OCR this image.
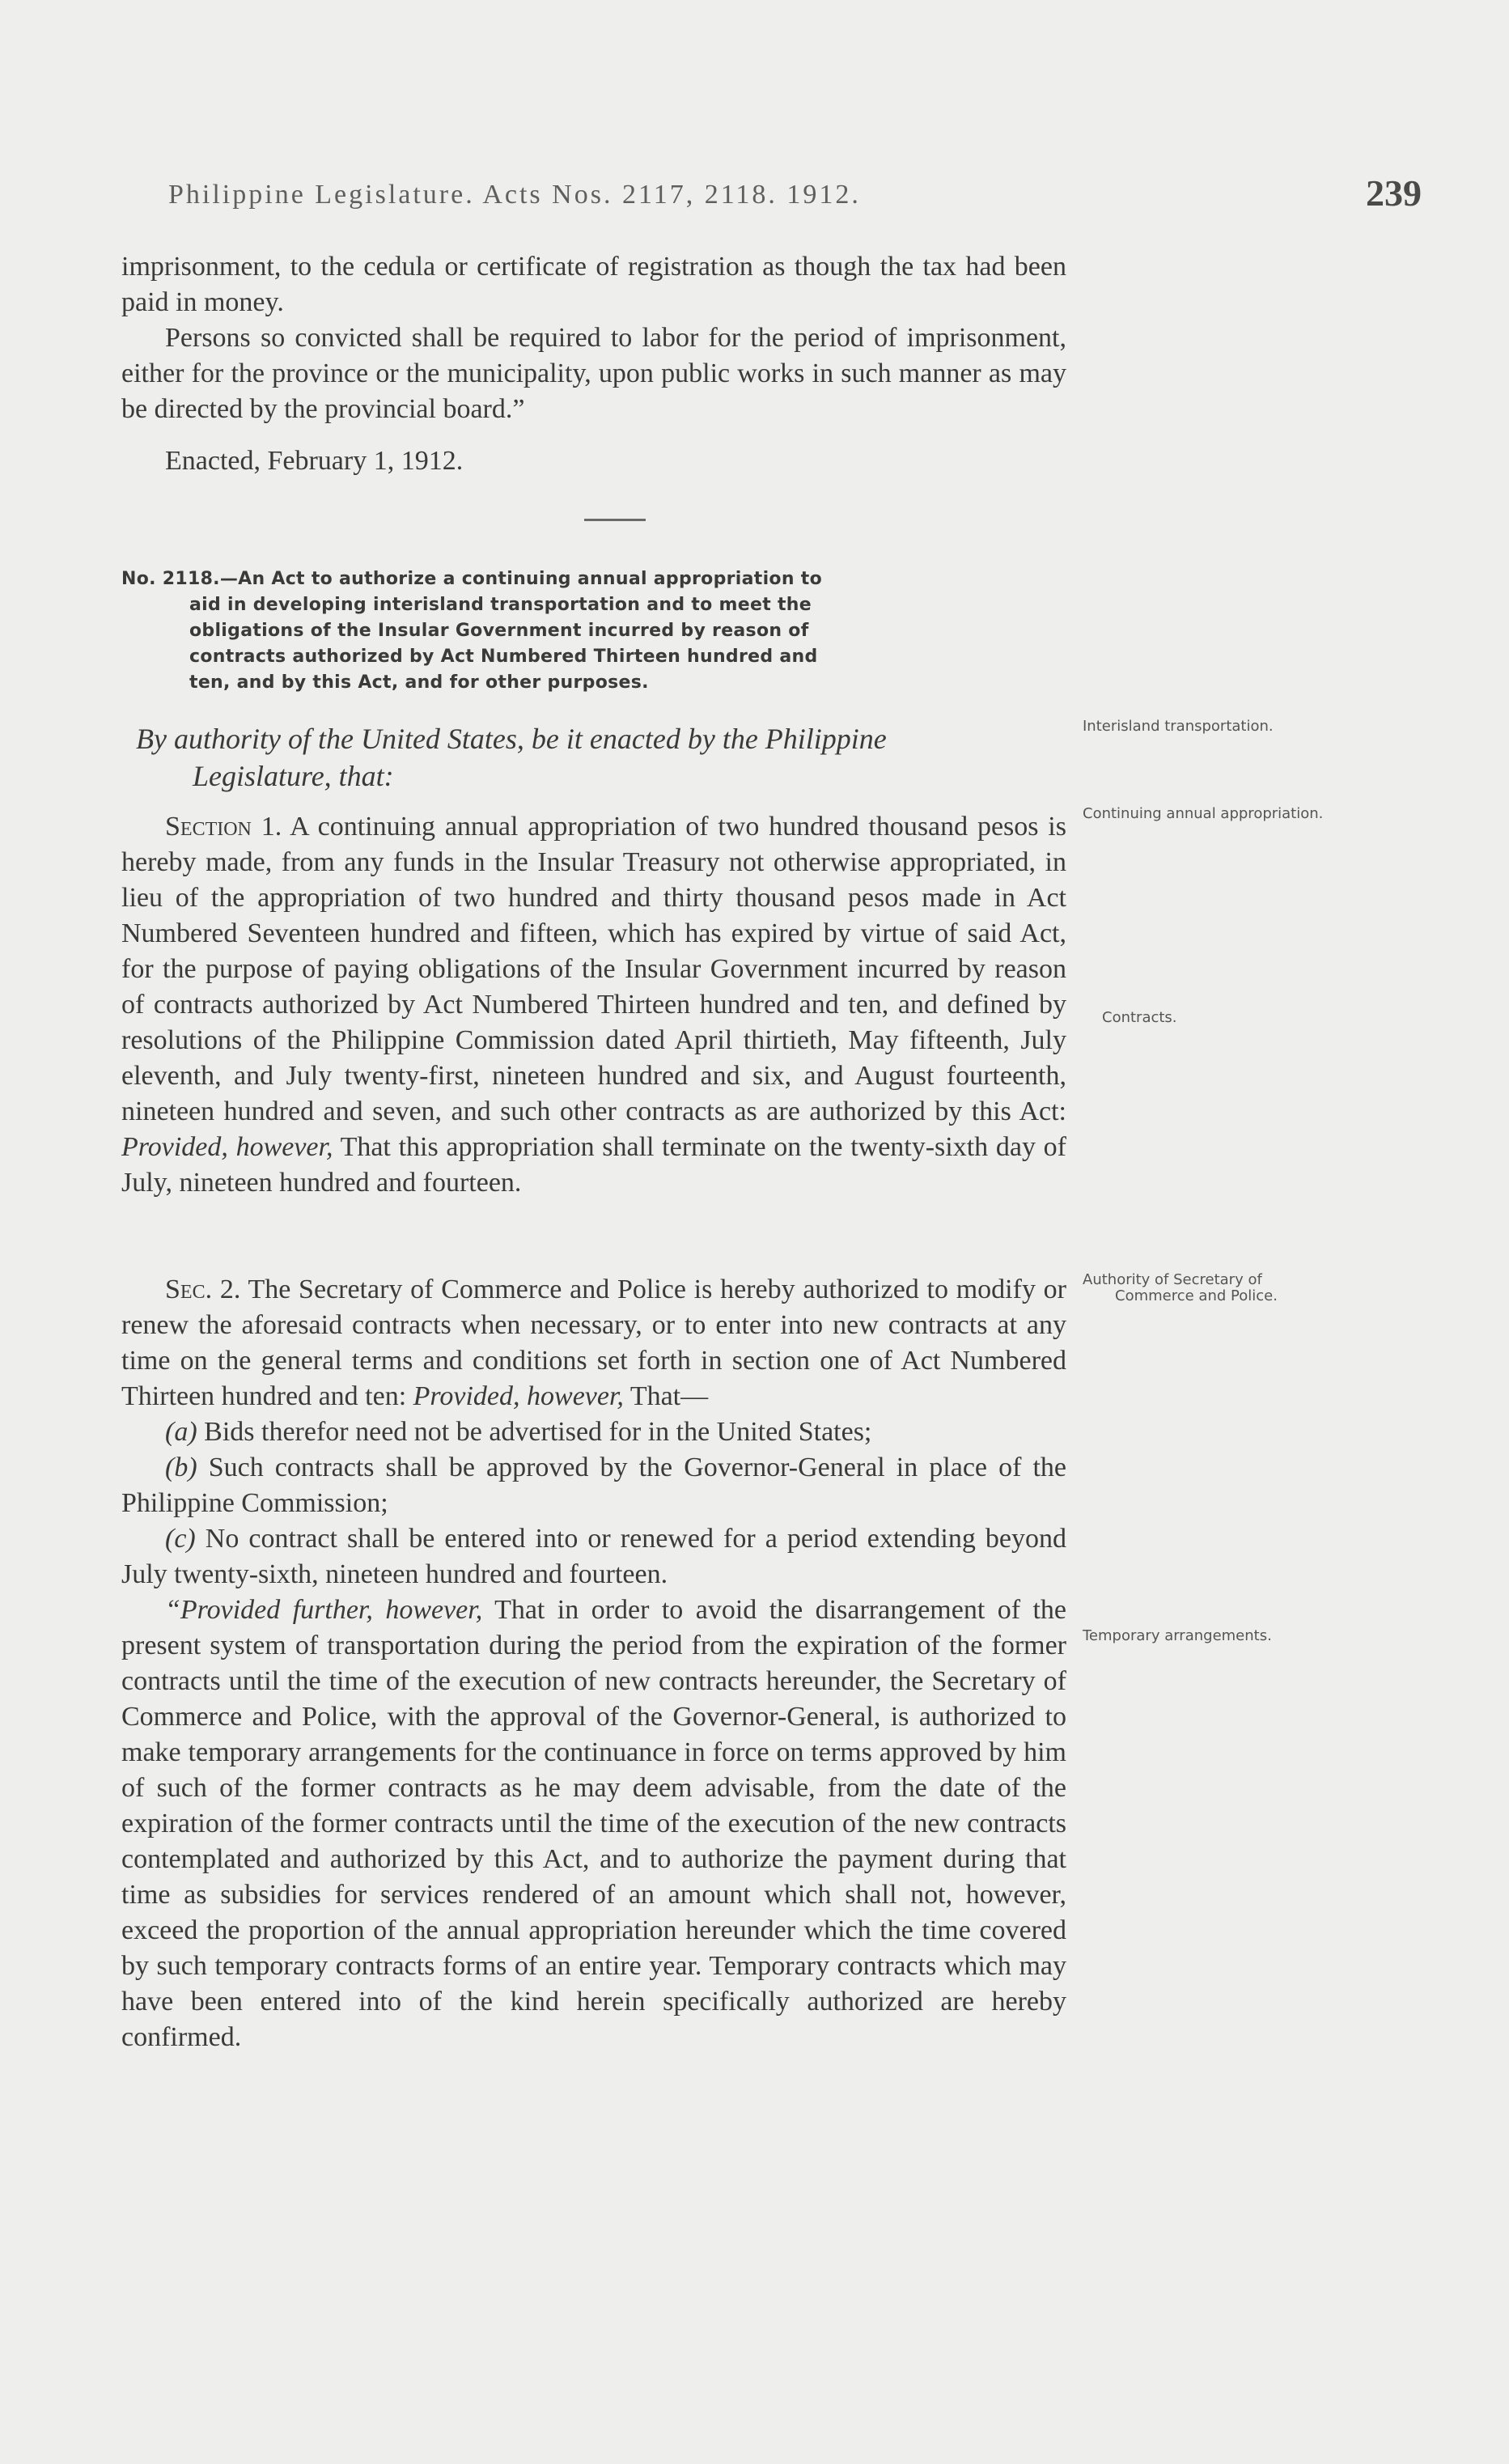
Philippine Legislature. Acts Nos. 2117, 2118. 1912.	239

imprisonment, to the cedula or certificate of registration as though the tax had been paid in money.

Persons so convicted shall be required to labor for the period of imprisonment, either for the province or the municipality, upon public works in such manner as may be directed by the provincial board.”

Enacted, February 1, 1912.

No. 2118.—An Act to authorize a continuing annual appropriation to
aid in developing interisland transportation and to meet the
obligations of the Insular Government incurred by reason of
contracts authorized by Act Numbered Thirteen hundred and
ten, and by this Act, and for other purposes.
By authority of the United States, be it enacted by the Philippine
Legislature, that:

Section 1. A continuing annual appropriation of two hundred thousand pesos is hereby made, from any funds in the Insular Treasury not otherwise appropriated, in lieu of the appropriation of two hundred and thirty thousand pesos made in Act Numbered Seventeen hundred and fifteen, which has expired by virtue of said Act, for the purpose of paying obligations of the Insular Government incurred by reason of contracts authorized by Act Numbered Thirteen hundred and ten, and defined by resolutions of the Philippine Commission dated April thirtieth, May fifteenth, July eleventh, and July twenty-first, nineteen hundred and six, and August fourteenth, nineteen hundred and seven, and such other contracts as are authorized by this Act: Provided, however, That this appropriation shall terminate on the twenty-sixth day of July, nineteen hundred and fourteen.

Sec. 2. The Secretary of Commerce and Police is hereby authorized to modify or renew the aforesaid contracts when necessary, or to enter into new contracts at any time on the general terms and conditions set forth in section one of Act Numbered Thirteen hundred and ten: Provided, however, That—

(a) Bids therefor need not be advertised for in the United States;

(b) Such contracts shall be approved by the Governor-General in place of the Philippine Commission;

(c) No contract shall be entered into or renewed for a period extending beyond July twenty-sixth, nineteen hundred and fourteen.

“Provided further, however, That in order to avoid the disarrangement of the present system of transportation during the period from the expiration of the former contracts until the time of the execution of new contracts hereunder, the Secretary of Commerce and Police, with the approval of the Governor-General, is authorized to make temporary arrangements for the continuance in force on terms approved by him of such of the former contracts as he may deem advisable, from the date of the expiration of the former contracts until the time of the execution of the new contracts contemplated and authorized by this Act, and to authorize the payment during that time as subsidies for services rendered of an amount which shall not, however, exceed the proportion of the annual appropriation hereunder which the time covered by such temporary contracts forms of an entire year. Temporary contracts which may have been entered into of the kind herein specifically authorized are hereby confirmed.

Interisland transportation.
Continuing annual appropriation.
Contracts.
Authority of Secretary of Commerce and Police.
Temporary arrangements.
